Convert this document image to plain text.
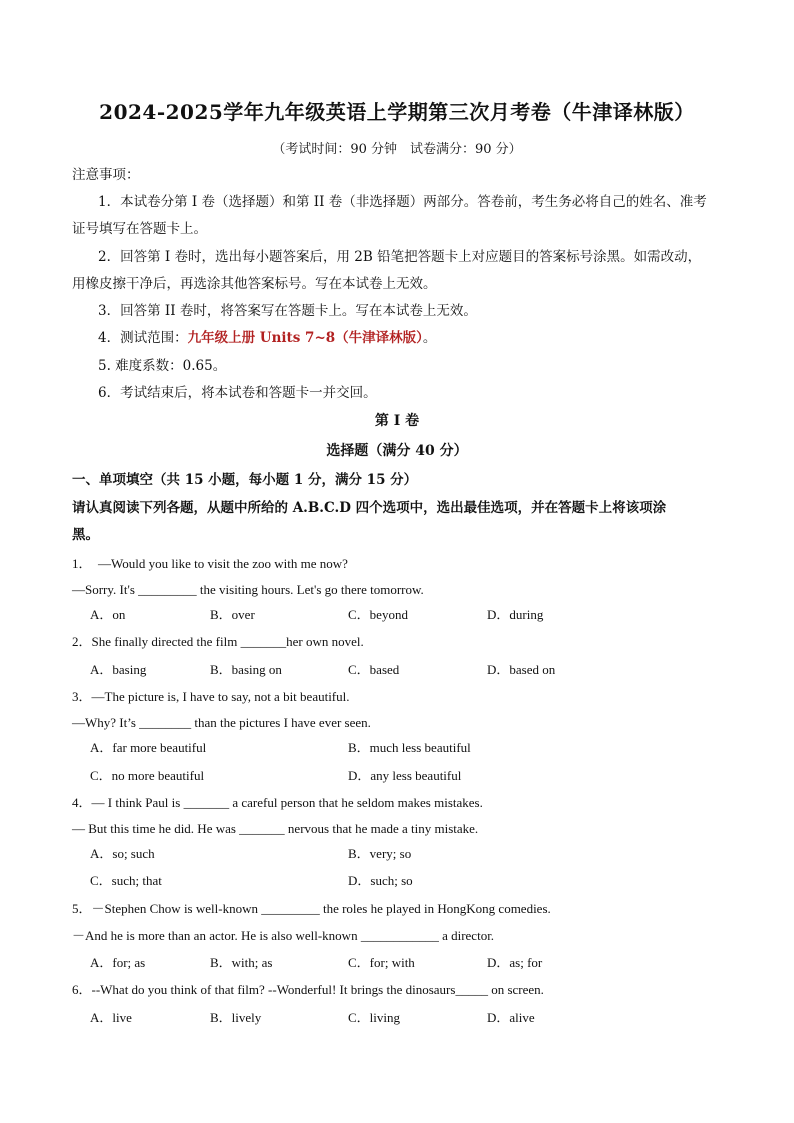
2024-2025学年九年级英语上学期第三次月考卷（牛津译林版）
（考试时间：90 分钟　试卷满分：90 分）
注意事项：
1．本试卷分第 I 卷（选择题）和第 II 卷（非选择题）两部分。答卷前，考生务必将自己的姓名、准考
证号填写在答题卡上。
2．回答第 I 卷时，选出每小题答案后，用 2B 铅笔把答题卡上对应题目的答案标号涂黑。如需改动，
用橡皮擦干净后，再选涂其他答案标号。写在本试卷上无效。
3．回答第 II 卷时，将答案写在答题卡上。写在本试卷上无效。
4．测试范围：九年级上册 Units 7~8（牛津译林版）。
5. 难度系数：0.65。
6．考试结束后，将本试卷和答题卡一并交回。
第 I 卷
选择题（满分 40 分）
一、单项填空（共 15 小题，每小题 1 分，满分 15 分）
请认真阅读下列各题，从题中所给的 A.B.C.D 四个选项中，选出最佳选项，并在答题卡上将该项涂
黑。
1．　—Would you like to visit the zoo with me now?
—Sorry. It's _________ the visiting hours. Let's go there tomorrow.
A．on	B．over	C．beyond	D．during
2．She finally directed the film _______her own novel.
A．basing	B．basing on	C．based	D．based on
3．—The picture is, I have to say, not a bit beautiful.
—Why? It’s ________ than the pictures I have ever seen.
A．far more beautiful	B．much less beautiful
C．no more beautiful	D．any less beautiful
4．— I think Paul is _______ a careful person that he seldom makes mistakes.
— But this time he did. He was _______ nervous that he made a tiny mistake.
A．so; such	B．very; so
C．such; that	D．such; so
5．－Stephen Chow is well-known _________ the roles he played in HongKong comedies.
－And he is more than an actor. He is also well-known ____________ a director.
A．for; as	B．with; as	C．for; with	D．as; for
6．--What do you think of that film? --Wonderful! It brings the dinosaurs_____ on screen.
A．live	B．lively	C．living	D．alive
